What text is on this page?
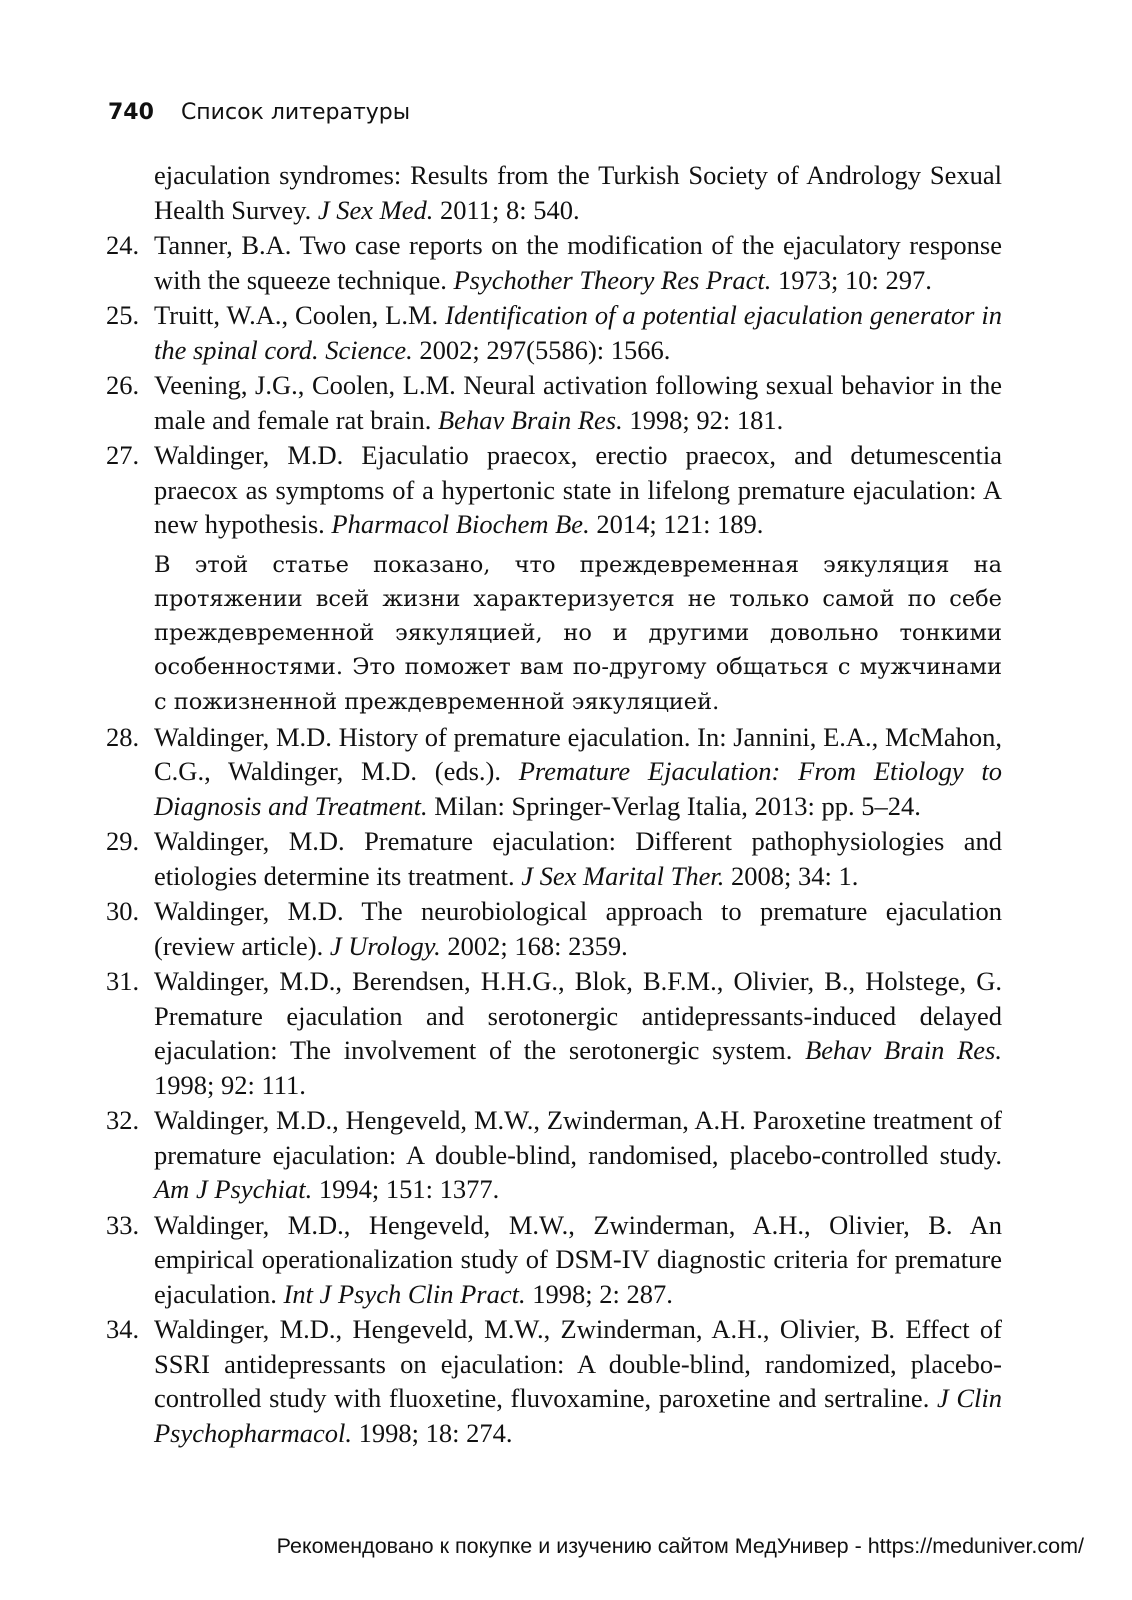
740 Список литературы

ejaculation syndromes: Results from the Turkish Society of Andrology Sexual Health Survey. J Sex Med. 2011; 8: 540.

24. Tanner, B.A. Two case reports on the modification of the ejaculatory response with the squeeze technique. Psychother Theory Res Pract. 1973; 10: 297.
25. Truitt, W.A., Coolen, L.M. Identification of a potential ejaculation generator in the spinal cord. Science. 2002; 297(5586): 1566.
26. Veening, J.G., Coolen, L.M. Neural activation following sexual behavior in the male and female rat brain. Behav Brain Res. 1998; 92: 181.
27. Waldinger, M.D. Ejaculatio praecox, erectio praecox, and detumescentia praecox as symptoms of a hypertonic state in lifelong premature ejaculation: A new hypothesis. Pharmacol Biochem Be. 2014; 121: 189.

В этой статье показано, что преждевременная эякуляция на протяжении всей жизни характеризуется не только самой по себе преждевременной эякуляцией, но и другими довольно тонкими особенностями. Это поможет вам по-другому общаться с мужчинами с пожизненной преждевременной эякуляцией.

28. Waldinger, M.D. History of premature ejaculation. In: Jannini, E.A., McMahon, C.G., Waldinger, M.D. (eds.). Premature Ejaculation: From Etiology to Diagnosis and Treatment. Milan: Springer-Verlag Italia, 2013: pp. 5–24.
29. Waldinger, M.D. Premature ejaculation: Different pathophysiologies and etiologies determine its treatment. J Sex Marital Ther. 2008; 34: 1.
30. Waldinger, M.D. The neurobiological approach to premature ejaculation (review article). J Urology. 2002; 168: 2359.
31. Waldinger, M.D., Berendsen, H.H.G., Blok, B.F.M., Olivier, B., Holstege, G. Premature ejaculation and serotonergic antidepressants-induced delayed ejaculation: The involvement of the serotonergic system. Behav Brain Res. 1998; 92: 111.
32. Waldinger, M.D., Hengeveld, M.W., Zwinderman, A.H. Paroxetine treatment of premature ejaculation: A double-blind, randomised, placebo-controlled study. Am J Psychiat. 1994; 151: 1377.
33. Waldinger, M.D., Hengeveld, M.W., Zwinderman, A.H., Olivier, B. An empirical operationalization study of DSM-IV diagnostic criteria for premature ejaculation. Int J Psych Clin Pract. 1998; 2: 287.
34. Waldinger, M.D., Hengeveld, M.W., Zwinderman, A.H., Olivier, B. Effect of SSRI antidepressants on ejaculation: A double-blind, randomized, placebo-controlled study with fluoxetine, fluvoxamine, paroxetine and sertraline. J Clin Psychopharmacol. 1998; 18: 274.
Рекомендовано к покупке и изучению сайтом МедУнивер - https://meduniver.com/
